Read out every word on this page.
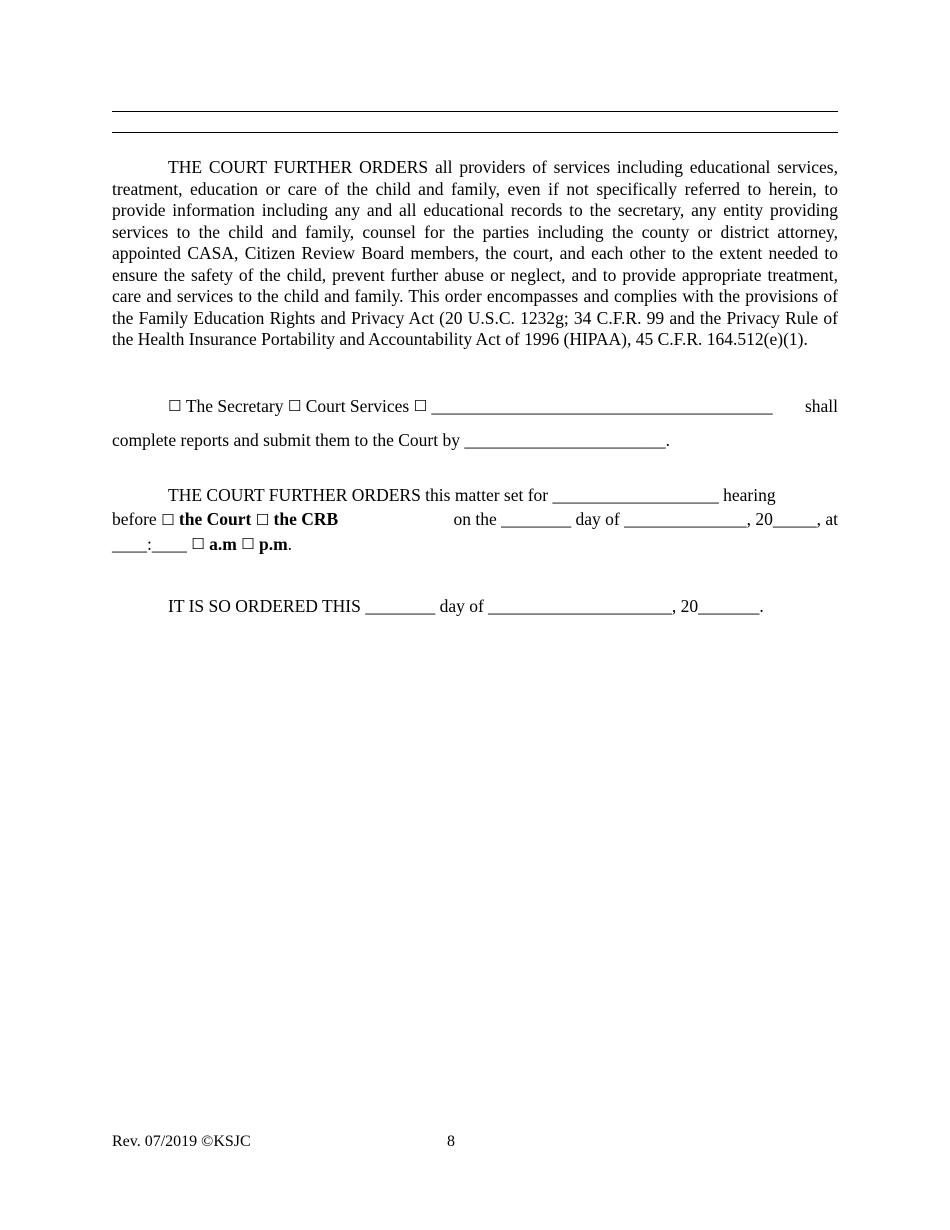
THE COURT FURTHER ORDERS all providers of services including educational services, treatment, education or care of the child and family, even if not specifically referred to herein, to provide information including any and all educational records to the secretary, any entity providing services to the child and family, counsel for the parties including the county or district attorney, appointed CASA, Citizen Review Board members, the court, and each other to the extent needed to ensure the safety of the child, prevent further abuse or neglect, and to provide appropriate treatment, care and services to the child and family. This order encompasses and complies with the provisions of the Family Education Rights and Privacy Act (20 U.S.C. 1232g; 34 C.F.R. 99 and the Privacy Rule of the Health Insurance Portability and Accountability Act of 1996 (HIPAA), 45 C.F.R. 164.512(e)(1).

☐
The Secretary
☐
Court Services
☐
_______________________________________ shall
complete reports and submit them to the Court by _______________________.
THE COURT FURTHER ORDERS this matter set for ___________________ hearing
before
☐ the Court ☐ the CRB	on the ________ day of ______________, 20_____, at
____:____
☐
a.m
☐
p.m .

IT IS SO ORDERED THIS ________ day of _____________________, 20_______.

Rev. 07/2019 ©KSJC	8
